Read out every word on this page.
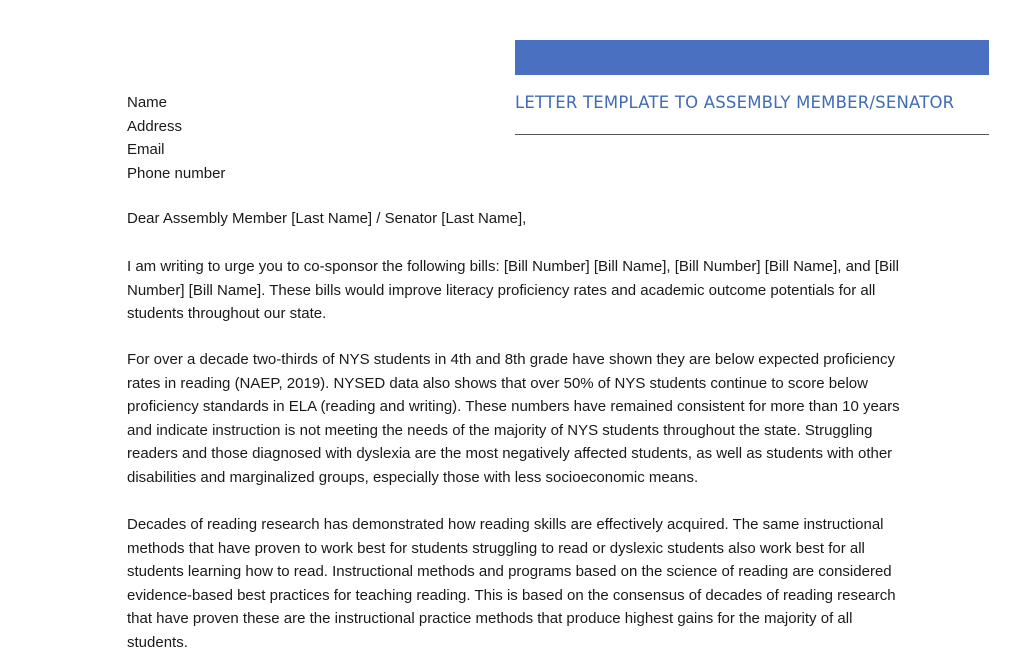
LETTER TEMPLATE TO ASSEMBLY MEMBER/SENATOR
Name
Address
Email
Phone number

Dear Assembly Member [Last Name] / Senator [Last Name],

I am writing to urge you to co-sponsor the following bills: [Bill Number] [Bill Name], [Bill Number] [Bill Name], and [Bill Number] [Bill Name]. These bills would improve literacy proficiency rates and academic outcome potentials for all students throughout our state.

For over a decade two-thirds of NYS students in 4th and 8th grade have shown they are below expected proficiency rates in reading (NAEP, 2019). NYSED data also shows that over 50% of NYS students continue to score below proficiency standards in ELA (reading and writing). These numbers have remained consistent for more than 10 years and indicate instruction is not meeting the needs of the majority of NYS students throughout the state. Struggling readers and those diagnosed with dyslexia are the most negatively affected students, as well as students with other disabilities and marginalized groups, especially those with less socioeconomic means.

Decades of reading research has demonstrated how reading skills are effectively acquired. The same instructional methods that have proven to work best for students struggling to read or dyslexic students also work best for all students learning how to read. Instructional methods and programs based on the science of reading are considered evidence-based best practices for teaching reading. This is based on the consensus of decades of reading research that have proven these are the instructional practice methods that produce highest gains for the majority of all students.
